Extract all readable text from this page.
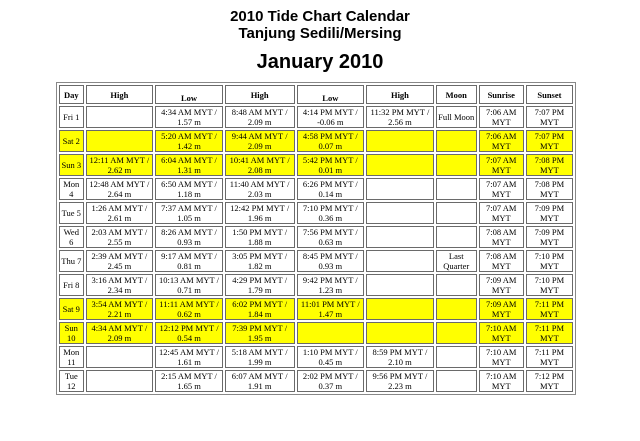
2010 Tide Chart Calendar
Tanjung Sedili/Mersing
January 2010
Day	High	Low	High	Low	High	Moon	Sunrise	Sunset
Fri 1		4:34 AM MYT / 1.57 m	8:48 AM MYT / 2.09 m	4:14 PM MYT / -0.06 m	11:32 PM MYT / 2.56 m	Full Moon	7:06 AM MYT	7:07 PM MYT
Sat 2		5:20 AM MYT / 1.42 m	9:44 AM MYT / 2.09 m	4:58 PM MYT / 0.07 m			7:06 AM MYT	7:07 PM MYT
Sun 3	12:11 AM MYT / 2.62 m	6:04 AM MYT / 1.31 m	10:41 AM MYT / 2.08 m	5:42 PM MYT / 0.01 m			7:07 AM MYT	7:08 PM MYT
Mon 4	12:48 AM MYT / 2.64 m	6:50 AM MYT / 1.18 m	11:40 AM MYT / 2.03 m	6:26 PM MYT / 0.14 m			7:07 AM MYT	7:08 PM MYT
Tue 5	1:26 AM MYT / 2.61 m	7:37 AM MYT / 1.05 m	12:42 PM MYT / 1.96 m	7:10 PM MYT / 0.36 m			7:07 AM MYT	7:09 PM MYT
Wed 6	2:03 AM MYT / 2.55 m	8:26 AM MYT / 0.93 m	1:50 PM MYT / 1.88 m	7:56 PM MYT / 0.63 m			7:08 AM MYT	7:09 PM MYT
Thu 7	2:39 AM MYT / 2.45 m	9:17 AM MYT / 0.81 m	3:05 PM MYT / 1.82 m	8:45 PM MYT / 0.93 m		Last Quarter	7:08 AM MYT	7:10 PM MYT
Fri 8	3:16 AM MYT / 2.34 m	10:13 AM MYT / 0.71 m	4:29 PM MYT / 1.79 m	9:42 PM MYT / 1.23 m			7:09 AM MYT	7:10 PM MYT
Sat 9	3:54 AM MYT / 2.21 m	11:11 AM MYT / 0.62 m	6:02 PM MYT / 1.84 m	11:01 PM MYT / 1.47 m			7:09 AM MYT	7:11 PM MYT
Sun 10	4:34 AM MYT / 2.09 m	12:12 PM MYT / 0.54 m	7:39 PM MYT / 1.95 m				7:10 AM MYT	7:11 PM MYT
Mon 11		12:45 AM MYT / 1.61 m	5:18 AM MYT / 1.99 m	1:10 PM MYT / 0.45 m	8:59 PM MYT / 2.10 m		7:10 AM MYT	7:11 PM MYT
Tue 12		2:15 AM MYT / 1.65 m	6:07 AM MYT / 1.91 m	2:02 PM MYT / 0.37 m	9:56 PM MYT / 2.23 m		7:10 AM MYT	7:12 PM MYT
